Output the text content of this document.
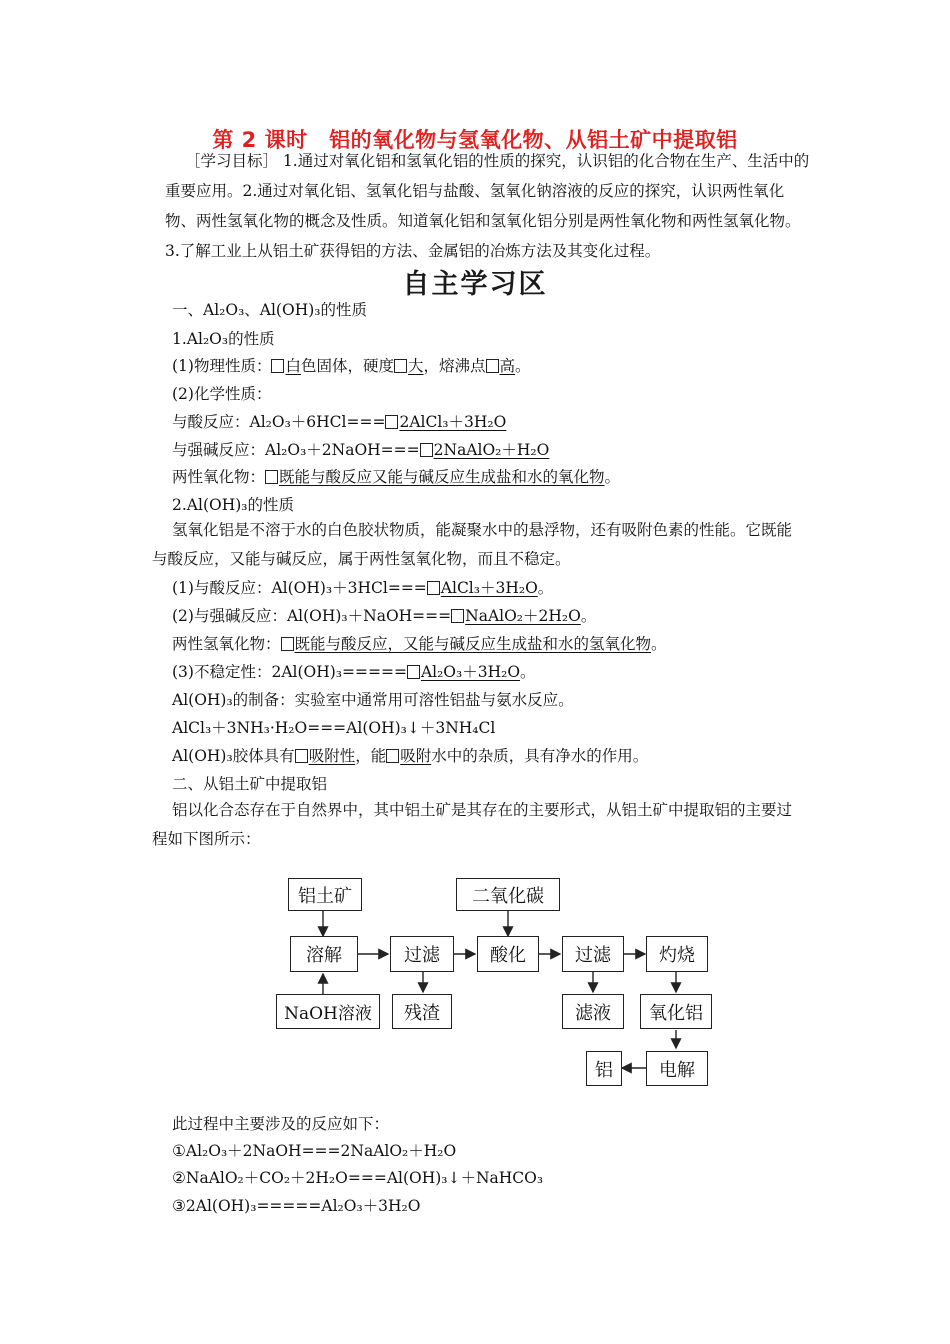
第 2 课时　铝的氧化物与氢氧化物、从铝土矿中提取铝
［学习目标］ 1.通过对氧化铝和氢氧化铝的性质的探究，认识铝的化合物在生产、生活中的重要应用。2.通过对氧化铝、氢氧化铝与盐酸、氢氧化钠溶液的反应的探究，认识两性氧化物、两性氢氧化物的概念及性质。知道氧化铝和氢氧化铝分别是两性氧化物和两性氢氧化物。3.了解工业上从铝土矿获得铝的方法、金属铝的冶炼方法及其变化过程。
自主学习区
一、Al₂O₃、Al(OH)₃的性质
1.Al₂O₃的性质
(1)物理性质： 白色固体，硬度 大，熔沸点 高。
(2)化学性质：
与酸反应：Al₂O₃＋6HCl=== 2AlCl₃＋3H₂O
与强碱反应：Al₂O₃＋2NaOH=== 2NaAlO₂＋H₂O
两性氧化物： 既能与酸反应又能与碱反应生成盐和水的氧化物。
2.Al(OH)₃的性质
氢氧化铝是不溶于水的白色胶状物质，能凝聚水中的悬浮物，还有吸附色素的性能。它既能与酸反应，又能与碱反应，属于两性氢氧化物，而且不稳定。
(1)与酸反应：Al(OH)₃＋3HCl=== AlCl₃＋3H₂O。
(2)与强碱反应：Al(OH)₃＋NaOH=== NaAlO₂＋2H₂O。
两性氢氧化物： 既能与酸反应，又能与碱反应生成盐和水的氢氧化物。
(3)不稳定性：2Al(OH)₃===== Al₂O₃＋3H₂O。
Al(OH)₃的制备：实验室中通常用可溶性铝盐与氨水反应。
AlCl₃＋3NH₃·H₂O===Al(OH)₃↓＋3NH₄Cl
Al(OH)₃胶体具有 吸附性，能 吸附水中的杂质，具有净水的作用。
二、从铝土矿中提取铝
铝以化合态存在于自然界中，其中铝土矿是其存在的主要形式，从铝土矿中提取铝的主要过程如下图所示：
铝土矿	二氧化碳
溶解	过滤	酸化	过滤	灼烧
NaOH溶液	残渣	滤液	氧化铝
铝	电解
此过程中主要涉及的反应如下：
①Al₂O₃＋2NaOH===2NaAlO₂＋H₂O
②NaAlO₂＋CO₂＋2H₂O===Al(OH)₃↓＋NaHCO₃
③2Al(OH)₃=====Al₂O₃＋3H₂O
